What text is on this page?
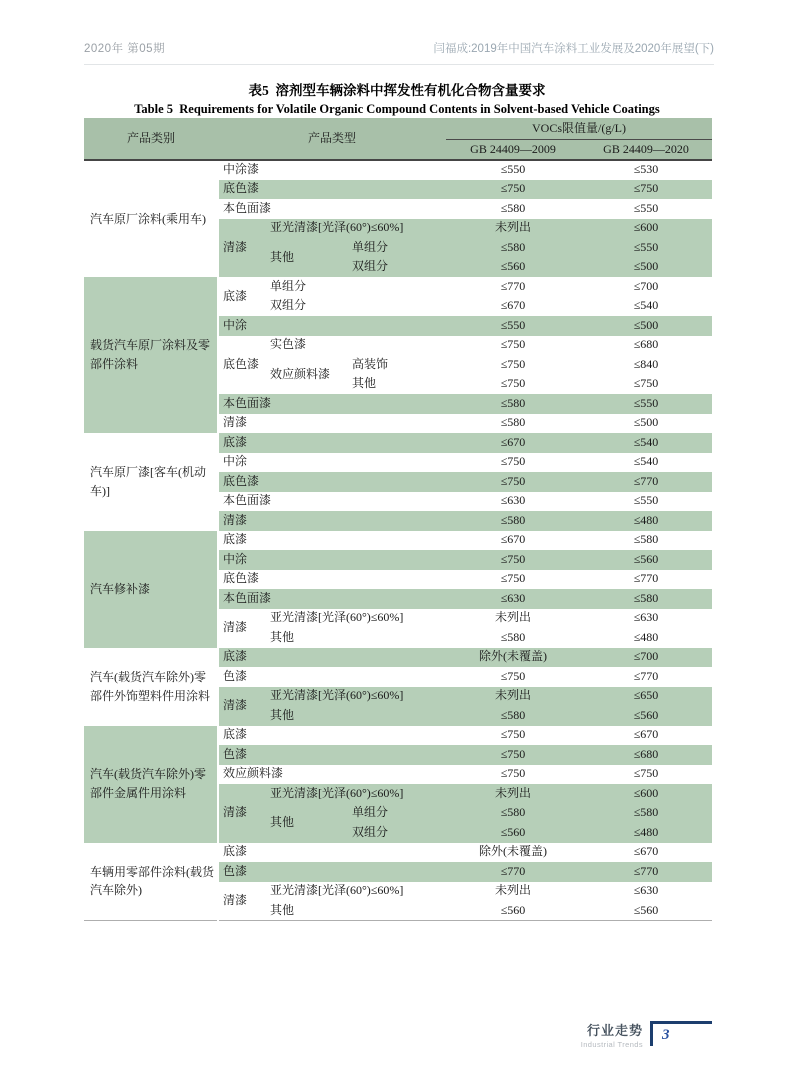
2020年 第05期	闫福成:2019年中国汽车涂料工业发展及2020年展望(下)
表5  溶剂型车辆涂料中挥发性有机化合物含量要求
Table 5  Requirements for Volatile Organic Compound Contents in Solvent-based Vehicle Coatings
产品类别	产品类型			VOCs限值量/(g/L)	
				GB 24409—2009	GB 24409—2020
汽车原厂涂料(乘用车)	中涂漆			≤550	≤530
	底色漆			≤750	≤750
	本色面漆			≤580	≤550
	清漆	亚光清漆[光泽(60°)≤60%]		未列出	≤600
		其他	单组分	≤580	≤550
			双组分	≤560	≤500
载货汽车原厂涂料及零部件涂料	底漆	单组分		≤770	≤700
		双组分		≤670	≤540
	中涂			≤550	≤500
	底色漆	实色漆		≤750	≤680
		效应颜料漆	高装饰	≤750	≤840
			其他	≤750	≤750
	本色面漆			≤580	≤550
	清漆			≤580	≤500
汽车原厂漆[客车(机动车)]	底漆			≤670	≤540
	中涂			≤750	≤540
	底色漆			≤750	≤770
	本色面漆			≤630	≤550
	清漆			≤580	≤480
汽车修补漆	底漆			≤670	≤580
	中涂			≤750	≤560
	底色漆			≤750	≤770
	本色面漆			≤630	≤580
	清漆	亚光清漆[光泽(60°)≤60%]		未列出	≤630
		其他		≤580	≤480
汽车(载货汽车除外)零部件外饰塑料件用涂料	底漆			除外(未覆盖)	≤700
	色漆			≤750	≤770
	清漆	亚光清漆[光泽(60°)≤60%]		未列出	≤650
		其他		≤580	≤560
汽车(载货汽车除外)零部件金属件用涂料	底漆			≤750	≤670
	色漆			≤750	≤680
	效应颜料漆			≤750	≤750
	清漆	亚光清漆[光泽(60°)≤60%]		未列出	≤600
		其他	单组分	≤580	≤580
			双组分	≤560	≤480
车辆用零部件涂料(载货汽车除外)	底漆			除外(未覆盖)	≤670
	色漆			≤770	≤770
	清漆	亚光清漆[光泽(60°)≤60%]		未列出	≤630
		其他		≤560	≤560
行业走势
Industrial Trends
3
